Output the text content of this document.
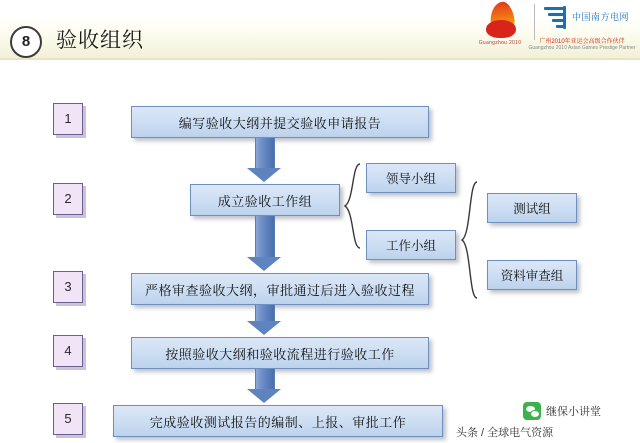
8	验收组织	Guangzhou 2010
中国南方电网
广州2010年亚运会高级合作伙伴
Guangzhou 2010 Asian Games Prestige Partner
1
2
3
4
5
编写验收大纲并提交验收申请报告
成立验收工作组
严格审查验收大纲，审批通过后进入验收过程
按照验收大纲和验收流程进行验收工作
完成验收测试报告的编制、上报、审批工作
领导小组
工作小组
测试组
资料审查组
继保小讲堂
头条 / 全球电气资源
